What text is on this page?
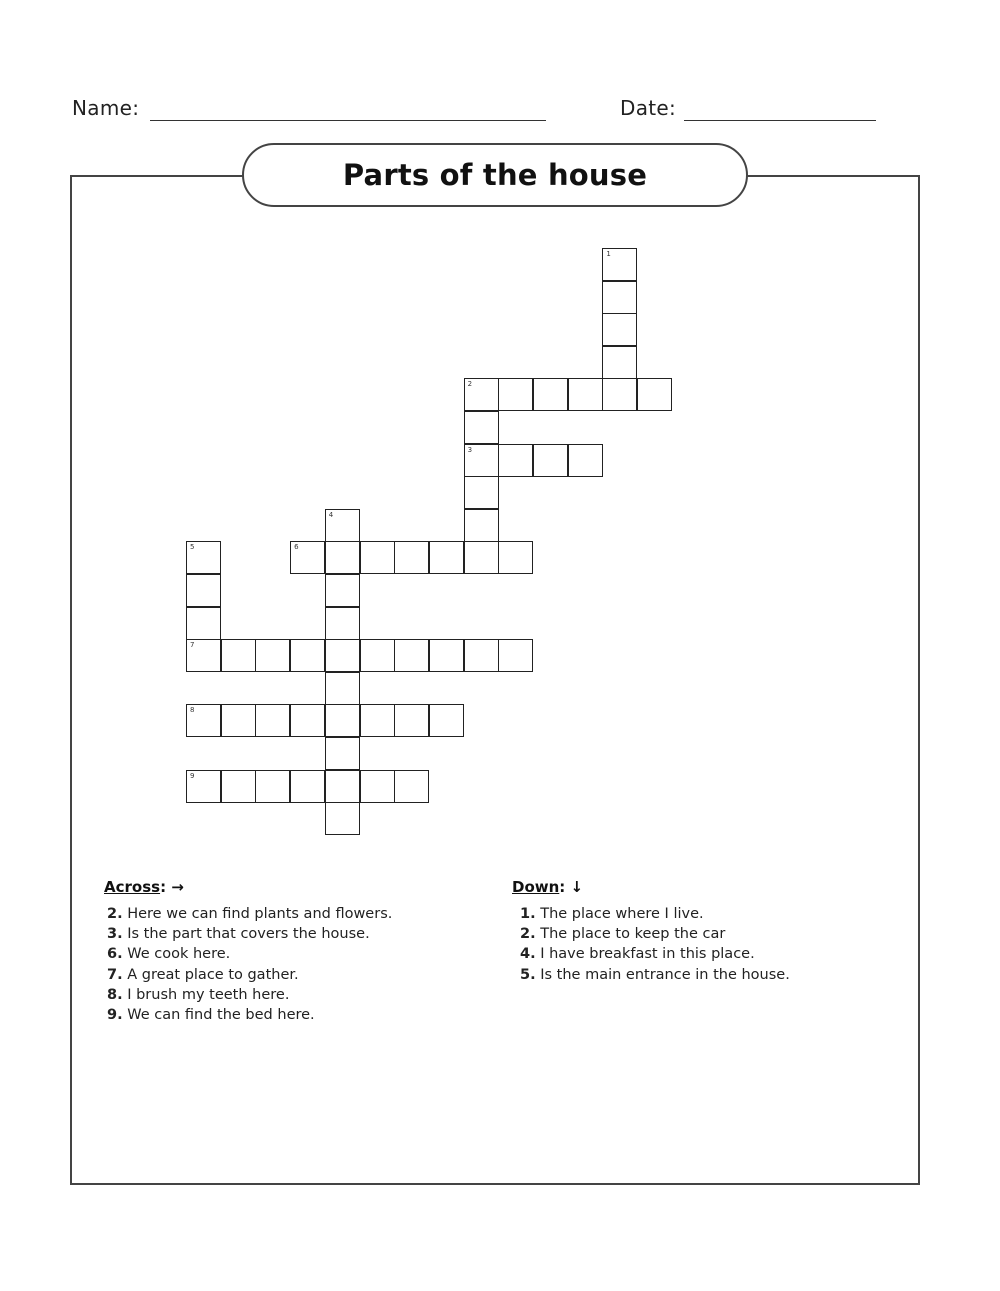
Name:	Date:
Parts of the house
1
2
3
4
5	6
7
8
9
Across: →
2. Here we can find plants and flowers.
3. Is the part that covers the house.
6. We cook here.
7. A great place to gather.
8. I brush my teeth here.
9. We can find the bed here.
Down: ↓
1. The place where I live.
2. The place to keep the car
4. I have breakfast in this place.
5. Is the main entrance in the house.
